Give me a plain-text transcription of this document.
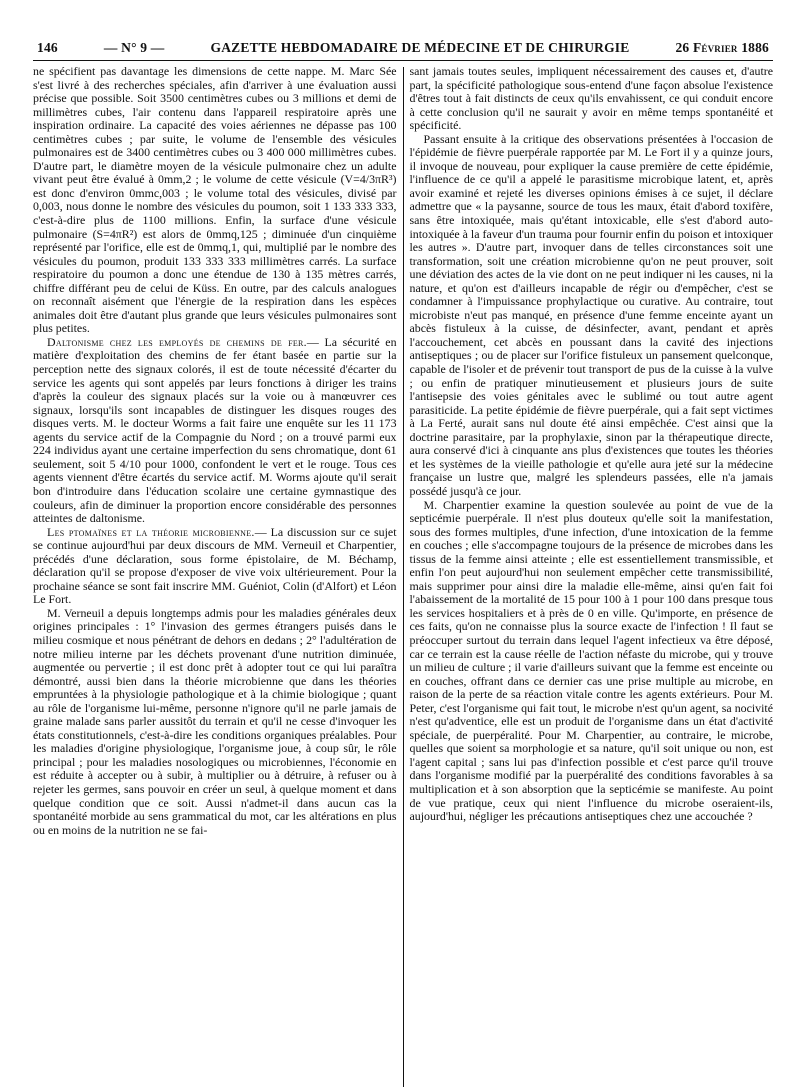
146	— N° 9 —	GAZETTE HEBDOMADAIRE DE MÉDECINE ET DE CHIRURGIE	26 Février 1886

ne spécifient pas davantage les dimensions de cette nappe. M. Marc Sée s'est livré à des recherches spéciales, afin d'arriver à une évaluation aussi précise que possible. Soit 3500 centimètres cubes ou 3 millions et demi de millimètres cubes, l'air contenu dans l'appareil respiratoire après une inspiration ordinaire. La capacité des voies aériennes ne dépasse pas 100 centimètres cubes ; par suite, le volume de l'ensemble des vésicules pulmonaires est de 3400 centimètres cubes ou 3 400 000 millimètres cubes. D'autre part, le diamètre moyen de la vésicule pulmonaire chez un adulte vivant peut être évalué à 0mm,2 ; le volume de cette vésicule (V=4/3πR³) est donc d'environ 0mmc,003 ; le volume total des vésicules, divisé par 0,003, nous donne le nombre des vésicules du poumon, soit 1 133 333 333, c'est-à-dire plus de 1100 millions. Enfin, la surface d'une vésicule pulmonaire (S=4πR²) est alors de 0mmq,125 ; diminuée d'un cinquième représenté par l'orifice, elle est de 0mmq,1, qui, multiplié par le nombre des vésicules du poumon, produit 133 333 333 millimètres carrés. La surface respiratoire du poumon a donc une étendue de 130 à 135 mètres carrés, chiffre différant peu de celui de Küss. En outre, par des calculs analogues on reconnaît aisément que l'énergie de la respiration dans les espèces animales doit être d'autant plus grande que leurs vésicules pulmonaires sont plus petites.

Daltonisme chez les employés de chemins de fer.— La sécurité en matière d'exploitation des chemins de fer étant basée en partie sur la perception nette des signaux colorés, il est de toute nécessité d'écarter du service les agents qui sont appelés par leurs fonctions à diriger les trains d'après la couleur des signaux placés sur la voie ou à manœuvrer ces signaux, lorsqu'ils sont incapables de distinguer les disques rouges des disques verts. M. le docteur Worms a fait faire une enquête sur les 11 173 agents du service actif de la Compagnie du Nord ; on a trouvé parmi eux 224 individus ayant une certaine imperfection du sens chromatique, dont 61 seulement, soit 5 4/10 pour 1000, confondent le vert et le rouge. Tous ces agents viennent d'être écartés du service actif. M. Worms ajoute qu'il serait bon d'introduire dans l'éducation scolaire une certaine gymnastique des couleurs, afin de diminuer la proportion encore considérable des personnes atteintes de daltonisme.

Les ptomaïnes et la théorie microbienne.— La discussion sur ce sujet se continue aujourd'hui par deux discours de MM. Verneuil et Charpentier, précédés d'une déclaration, sous forme épistolaire, de M. Béchamp, déclaration qu'il se propose d'exposer de vive voix ultérieurement. Pour la prochaine séance se sont fait inscrire MM. Guéniot, Colin (d'Alfort) et Léon Le Fort.

M. Verneuil a depuis longtemps admis pour les maladies générales deux origines principales : 1° l'invasion des germes étrangers puisés dans le milieu cosmique et nous pénétrant de dehors en dedans ; 2° l'adultération de notre milieu interne par les déchets provenant d'une nutrition diminuée, augmentée ou pervertie ; il est donc prêt à adopter tout ce qui lui paraîtra démontré, aussi bien dans la théorie microbienne que dans les théories empruntées à la physiologie pathologique et à la chimie biologique ; quant au rôle de l'organisme lui-même, personne n'ignore qu'il ne parle jamais de graine malade sans parler aussitôt du terrain et qu'il ne cesse d'invoquer les états constitutionnels, c'est-à-dire les conditions organiques préalables. Pour les maladies d'origine physiologique, l'organisme joue, à coup sûr, le rôle principal ; pour les maladies nosologiques ou microbiennes, l'économie en est réduite à accepter ou à subir, à multiplier ou à détruire, à refuser ou à rejeter les germes, sans pouvoir en créer un seul, à quelque moment et dans quelque condition que ce soit. Aussi n'admet-il dans aucun cas la spontanéité morbide au sens grammatical du mot, car les altérations en plus ou en moins de la nutrition ne se fai-

sant jamais toutes seules, impliquent nécessairement des causes et, d'autre part, la spécificité pathologique sous-entend d'une façon absolue l'existence d'êtres tout à fait distincts de ceux qu'ils envahissent, ce qui conduit encore à cette conclusion qu'il ne saurait y avoir en même temps spontanéité et spécificité.

Passant ensuite à la critique des observations présentées à l'occasion de l'épidémie de fièvre puerpérale rapportée par M. Le Fort il y a quinze jours, il invoque de nouveau, pour expliquer la cause première de cette épidémie, l'influence de ce qu'il a appelé le parasitisme microbique latent, et, après avoir examiné et rejeté les diverses opinions émises à ce sujet, il déclare admettre que « la paysanne, source de tous les maux, était d'abord toxifère, sans être intoxiquée, mais qu'étant intoxicable, elle s'est d'abord auto-intoxiquée à la faveur d'un trauma pour fournir enfin du poison et intoxiquer les autres ». D'autre part, invoquer dans de telles circonstances soit une transformation, soit une création microbienne qu'on ne peut prouver, soit une déviation des actes de la vie dont on ne peut indiquer ni les causes, ni la nature, et qu'on est d'ailleurs incapable de régir ou d'empêcher, c'est se condamner à l'impuissance prophylactique ou curative. Au contraire, tout microbiste n'eut pas manqué, en présence d'une femme enceinte ayant un abcès fistuleux à la cuisse, de désinfecter, avant, pendant et après l'accouchement, cet abcès en poussant dans la cavité des injections antiseptiques ; ou de placer sur l'orifice fistuleux un pansement quelconque, capable de l'isoler et de prévenir tout transport de pus de la cuisse à la vulve ; ou enfin de pratiquer minutieusement et plusieurs jours de suite l'antisepsie des voies génitales avec le sublimé ou tout autre agent parasiticide. La petite épidémie de fièvre puerpérale, qui a fait sept victimes à La Ferté, aurait sans nul doute été ainsi empêchée. C'est ainsi que la doctrine parasitaire, par la prophylaxie, sinon par la thérapeutique directe, aura conservé d'ici à cinquante ans plus d'existences que toutes les théories et les systèmes de la vieille pathologie et qu'elle aura jeté sur la médecine française un lustre que, malgré les splendeurs passées, elle n'a jamais possédé jusqu'à ce jour.

M. Charpentier examine la question soulevée au point de vue de la septicémie puerpérale. Il n'est plus douteux qu'elle soit la manifestation, sous des formes multiples, d'une infection, d'une intoxication de la femme en couches ; elle s'accompagne toujours de la présence de microbes dans les tissus de la femme ainsi atteinte ; elle est essentiellement transmissible, et enfin l'on peut aujourd'hui non seulement empêcher cette transmissibilité, mais supprimer pour ainsi dire la maladie elle-même, ainsi qu'en fait foi l'abaissement de la mortalité de 15 pour 100 à 1 pour 100 dans presque tous les services hospitaliers et à près de 0 en ville. Qu'importe, en présence de ces faits, qu'on ne connaisse plus la source exacte de l'infection ! Il faut se préoccuper surtout du terrain dans lequel l'agent infectieux va être déposé, car ce terrain est la cause réelle de l'action néfaste du microbe, qui y trouve un milieu de culture ; il varie d'ailleurs suivant que la femme est enceinte ou en couches, offrant dans ce dernier cas une prise multiple au microbe, en raison de la perte de sa réaction vitale contre les agents extérieurs. Pour M. Peter, c'est l'organisme qui fait tout, le microbe n'est qu'un agent, sa nocivité n'est qu'adventice, elle est un produit de l'organisme dans un état d'activité spéciale, de puerpéralité. Pour M. Charpentier, au contraire, le microbe, quelles que soient sa morphologie et sa nature, qu'il soit unique ou non, est l'agent capital ; sans lui pas d'infection possible et c'est parce qu'il trouve dans l'organisme modifié par la puerpéralité des conditions favorables à sa multiplication et à son absorption que la septicémie se manifeste. Au point de vue pratique, ceux qui nient l'influence du microbe oseraient-ils, aujourd'hui, négliger les précautions antiseptiques chez une accouchée ?
